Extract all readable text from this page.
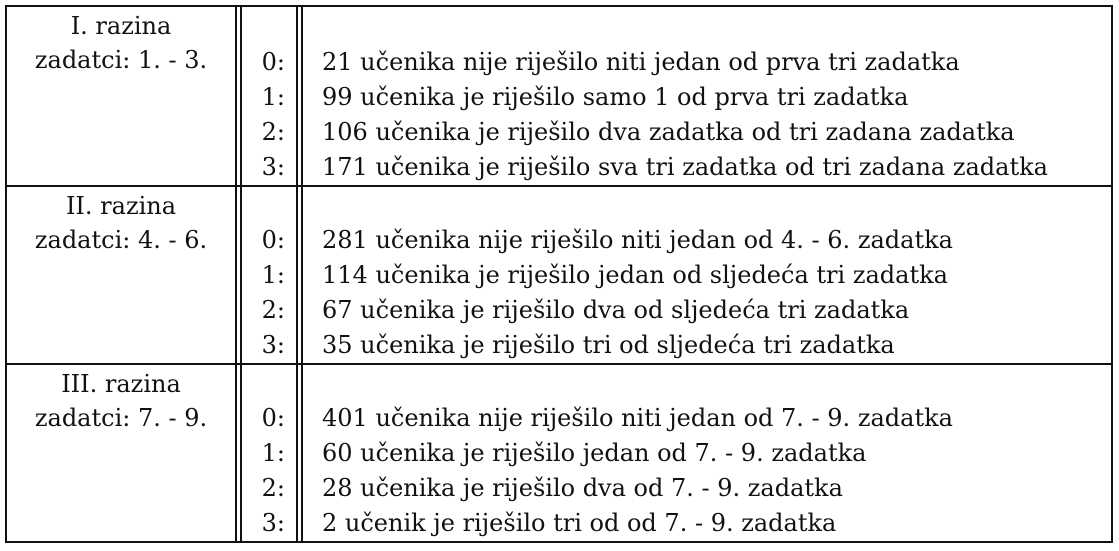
I. razina
zadatci: 1. - 3.	0: 21 učenika nije riješilo niti jedan od prva tri zadatka
1: 99 učenika je riješilo samo 1 od prva tri zadatka
2: 106 učenika je riješilo dva zadatka od tri zadana zadatka
3: 171 učenika je riješilo sva tri zadatka od tri zadana zadatka
II. razina
zadatci: 4. - 6.	0: 281 učenika nije riješilo niti jedan od 4. - 6. zadatka
1: 114 učenika je riješilo jedan od sljedeća tri zadatka
2: 67 učenika je riješilo dva od sljedeća tri zadatka
3: 35 učenika je riješilo tri od sljedeća tri zadatka
III. razina
zadatci: 7. - 9.	0: 401 učenika nije riješilo niti jedan od 7. - 9. zadatka
1: 60 učenika je riješilo jedan od 7. - 9. zadatka
2: 28 učenika je riješilo dva od 7. - 9. zadatka
3: 2 učenik je riješilo tri od od 7. - 9. zadatka
